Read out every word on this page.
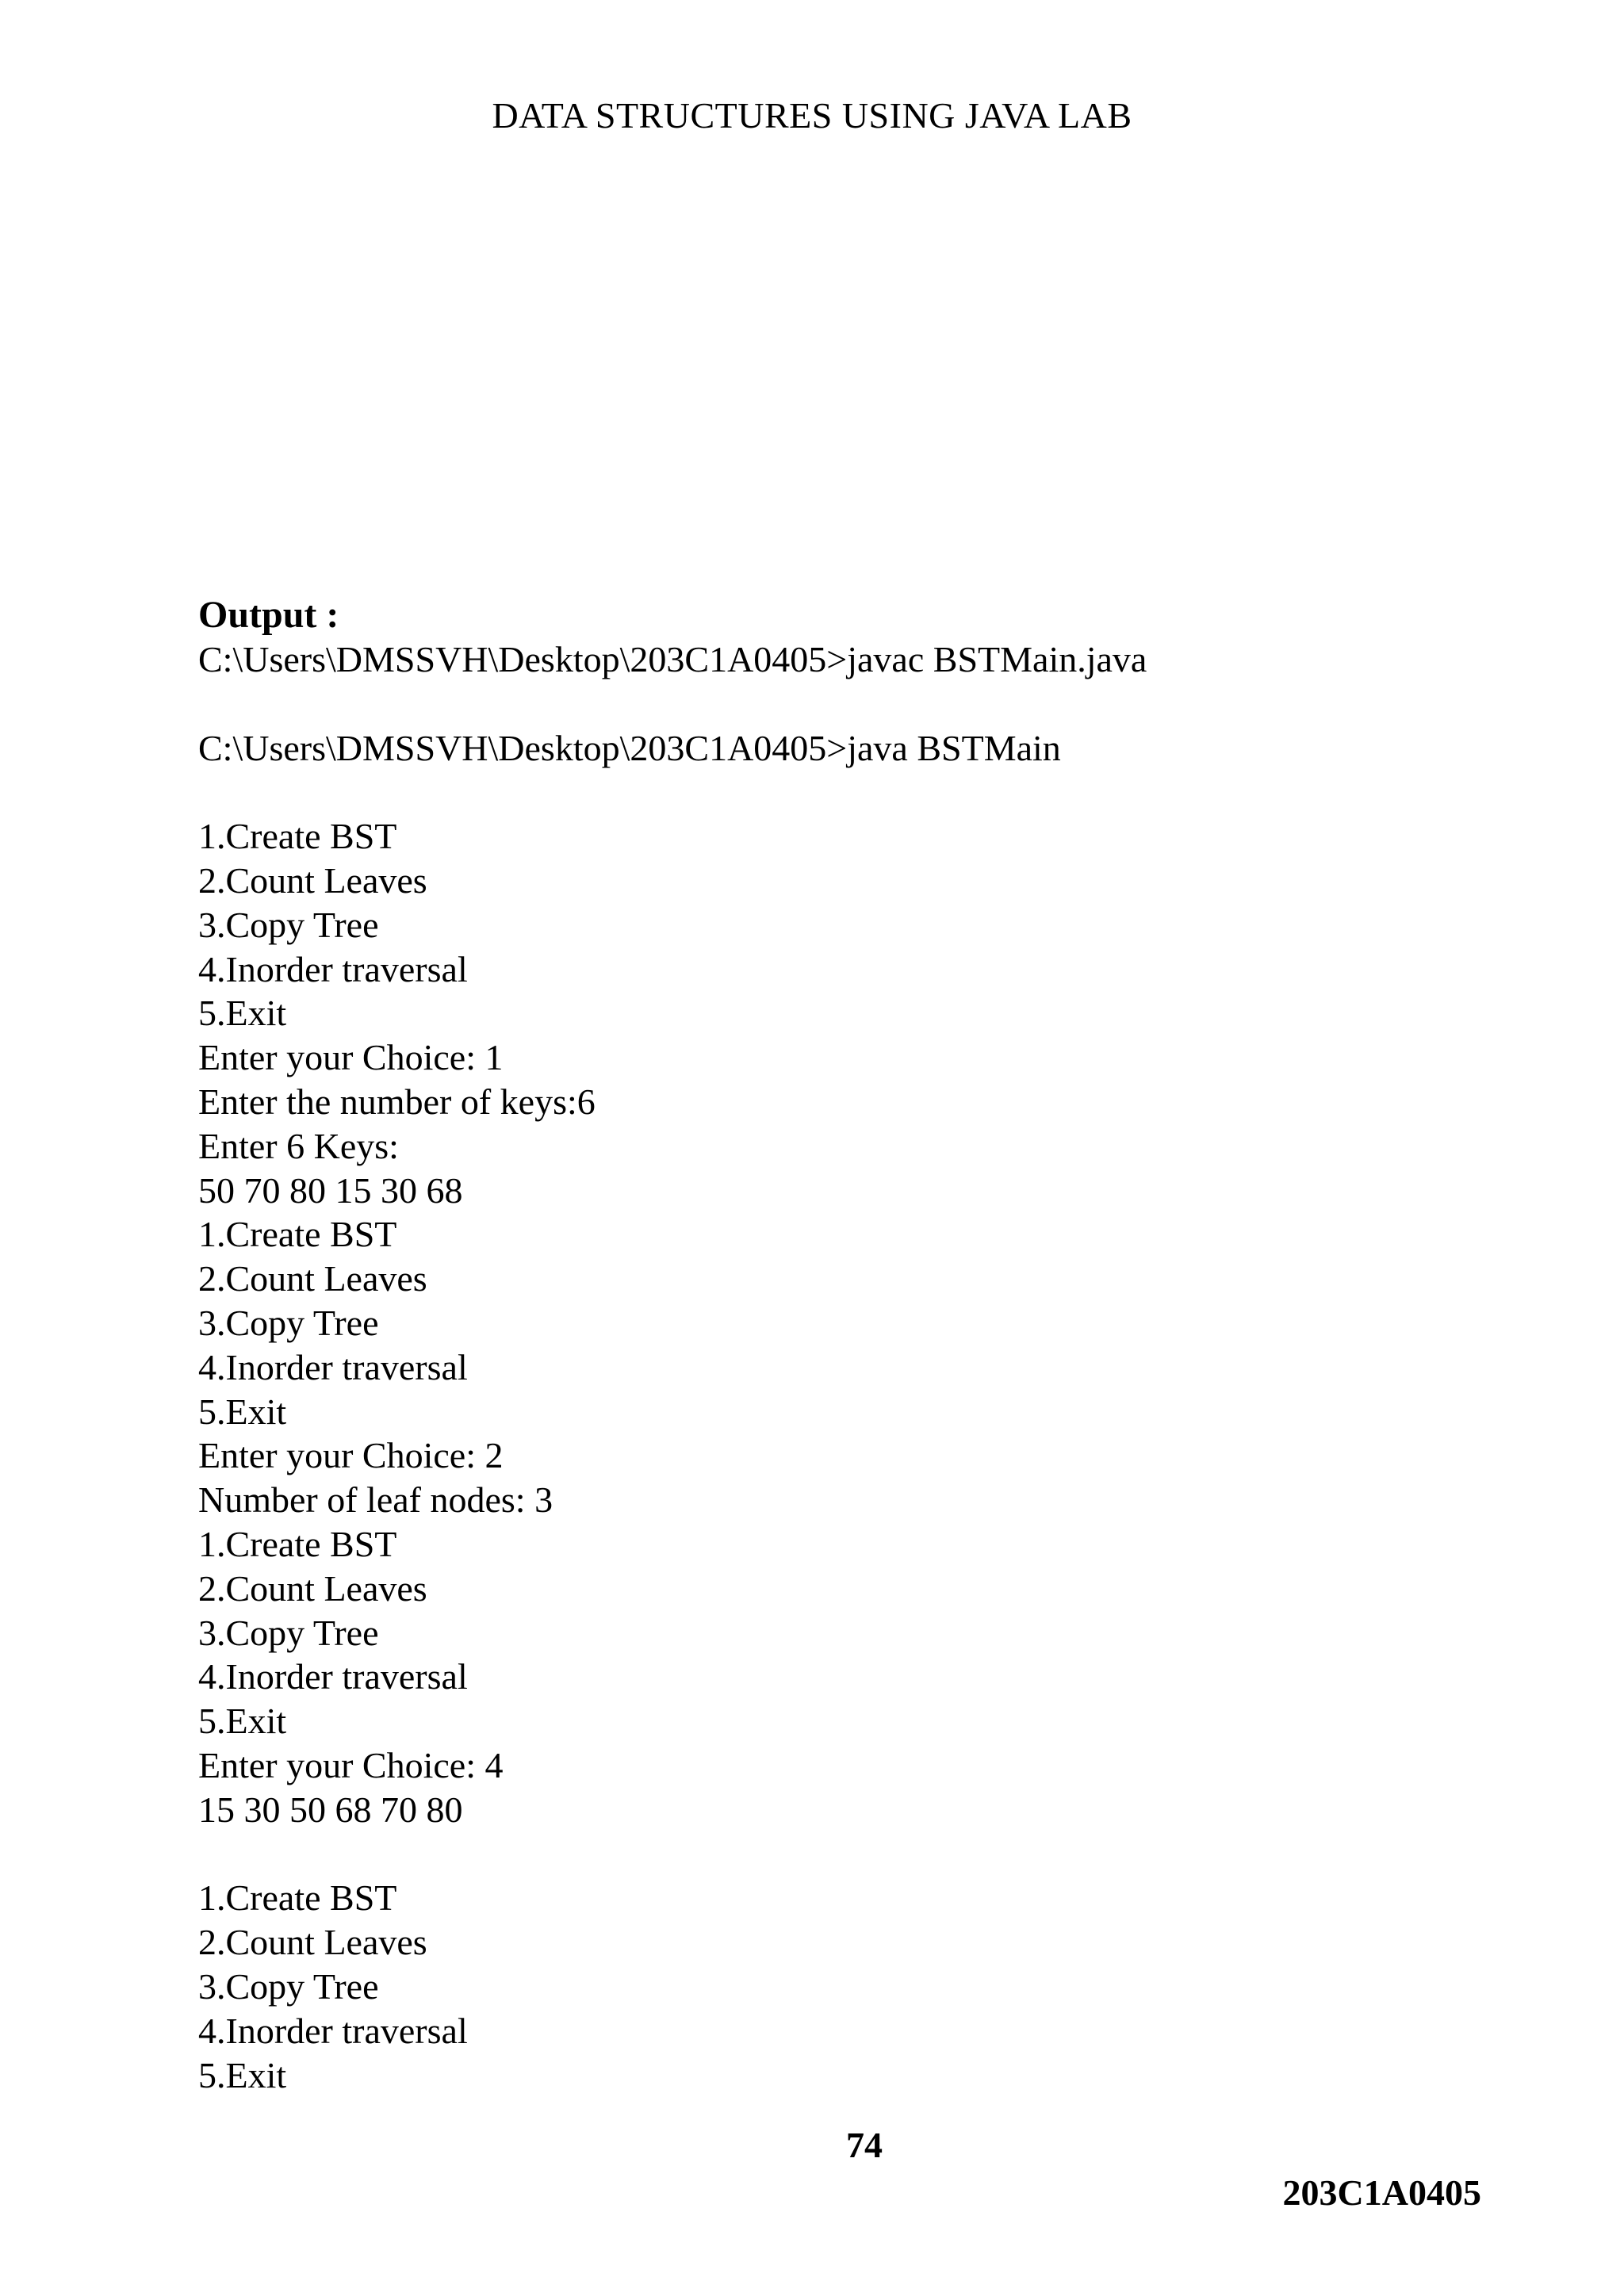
DATA STRUCTURES USING JAVA LAB
Output :
C:\Users\DMSSVH\Desktop\203C1A0405>javac BSTMain.java
C:\Users\DMSSVH\Desktop\203C1A0405>java BSTMain
1.Create BST
2.Count Leaves
3.Copy Tree
4.Inorder traversal
5.Exit
Enter your Choice: 1
Enter the number of keys:6
Enter 6 Keys:
50 70 80 15 30 68
1.Create BST
2.Count Leaves
3.Copy Tree
4.Inorder traversal
5.Exit
Enter your Choice: 2
Number of leaf nodes: 3
1.Create BST
2.Count Leaves
3.Copy Tree
4.Inorder traversal
5.Exit
Enter your Choice: 4
15 30 50 68 70 80
1.Create BST
2.Count Leaves
3.Copy Tree
4.Inorder traversal
5.Exit
74
203C1A0405
